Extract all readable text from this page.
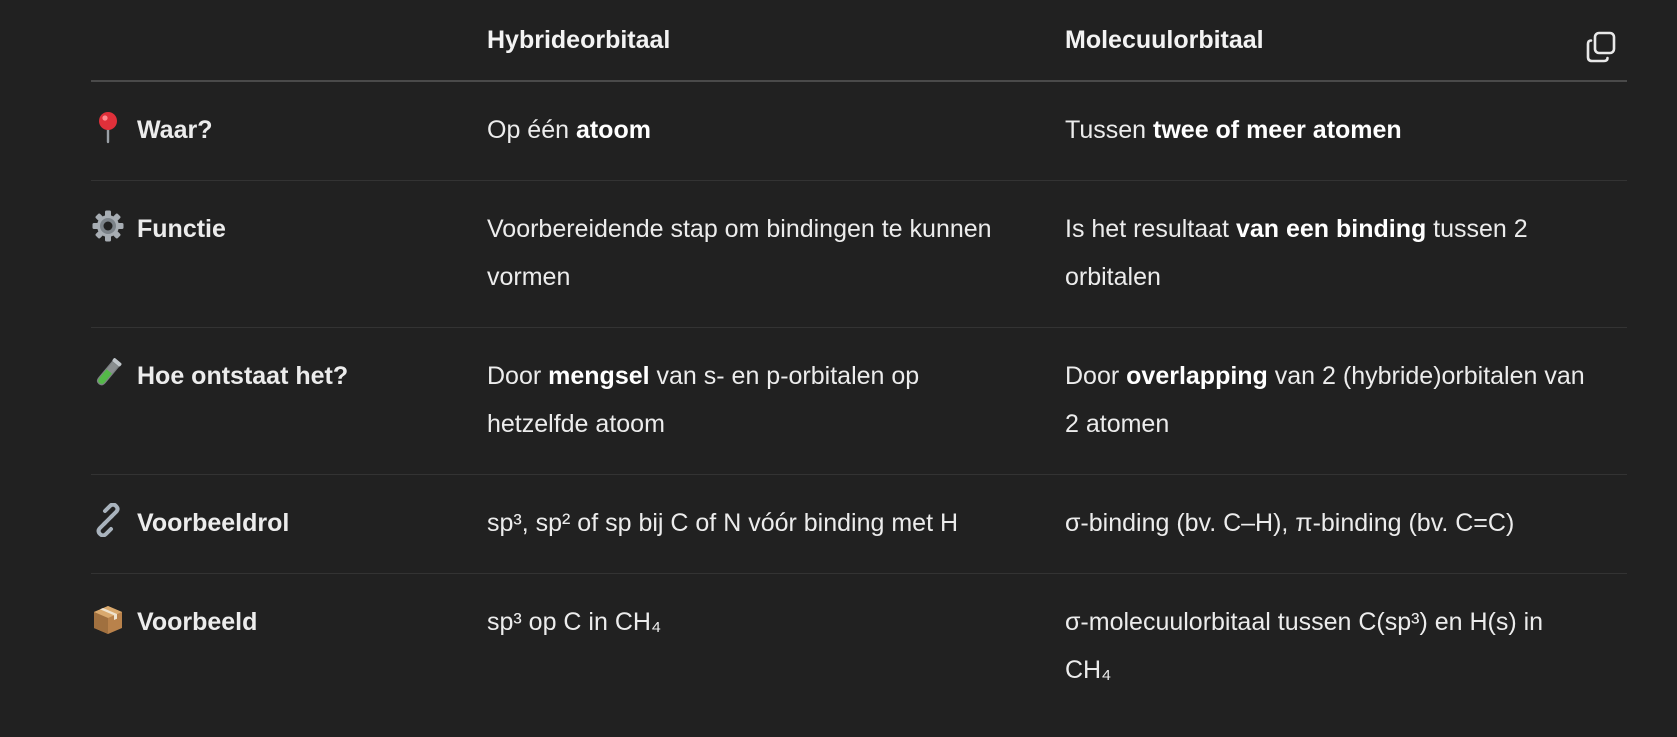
	Hybrideorbitaal	Molecuulorbitaal
Waar?	Op één atoom	Tussen twee of meer atomen

Functie	Voorbereidende stap om bindingen te kunnen vormen	Is het resultaat van een binding tussen 2 orbitalen

Hoe ontstaat het?	Door mengsel van s- en p-orbitalen op hetzelfde atoom	Door overlapping van 2 (hybride)orbitalen van 2 atomen

Voorbeeldrol	sp³, sp² of sp bij C of N vóór binding met H	σ-binding (bv. C–H), π-binding (bv. C=C)

Voorbeeld	sp³ op C in CH₄	σ-molecuulorbitaal tussen C(sp³) en H(s) in CH₄
